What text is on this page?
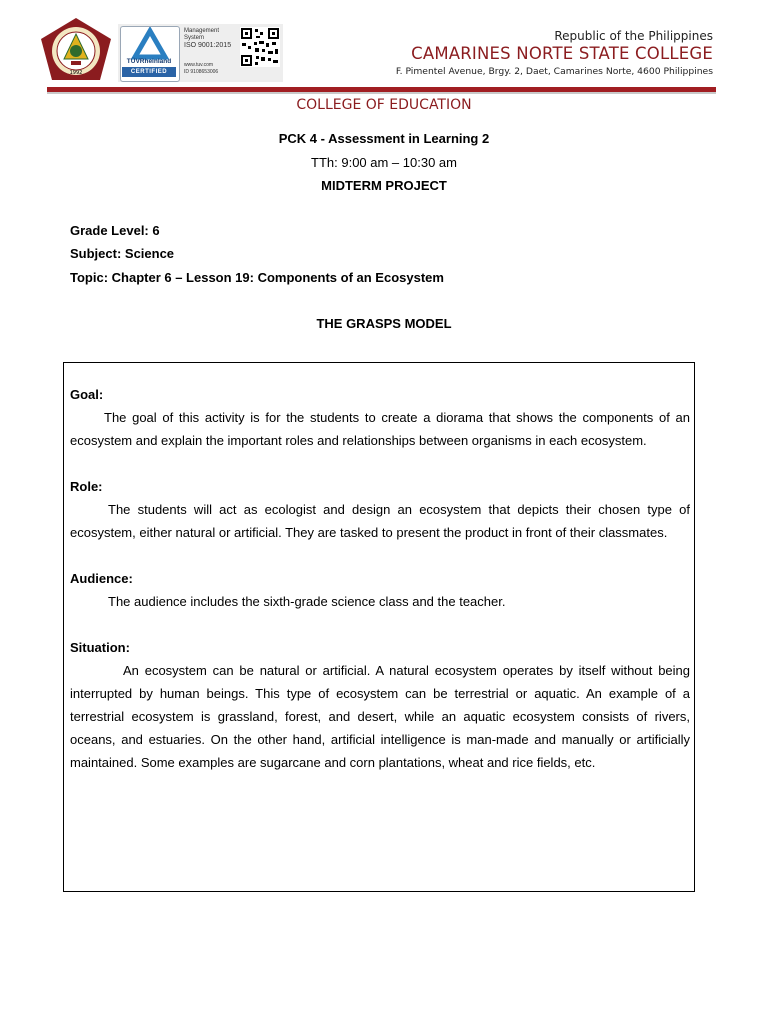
1992
TÜVRheinland
CERTIFIED
Management
System
ISO 9001:2015
www.tuv.com
ID 9108653006
Republic of the Philippines
CAMARINES NORTE STATE COLLEGE
F. Pimentel Avenue, Brgy. 2, Daet, Camarines Norte, 4600 Philippines
COLLEGE OF EDUCATION
PCK 4 - Assessment in Learning 2
TTh: 9:00 am – 10:30 am
MIDTERM PROJECT
Grade Level: 6
Subject: Science
Topic: Chapter 6 – Lesson 19: Components of an Ecosystem
THE GRASPS MODEL

Goal:

The goal of this activity is for the students to create a diorama that shows the components of an ecosystem and explain the important roles and relationships between organisms in each ecosystem.

Role:

The students will act as ecologist and design an ecosystem that depicts their chosen type of ecosystem, either natural or artificial. They are tasked to present the product in front of their classmates.

Audience:

The audience includes the sixth-grade science class and the teacher.

Situation:

An ecosystem can be natural or artificial. A natural ecosystem operates by itself without being interrupted by human beings. This type of ecosystem can be terrestrial or aquatic. An example of a terrestrial ecosystem is grassland, forest, and desert, while an aquatic ecosystem consists of rivers, oceans, and estuaries. On the other hand, artificial intelligence is man-made and manually or artificially maintained. Some examples are sugarcane and corn plantations, wheat and rice fields, etc.
